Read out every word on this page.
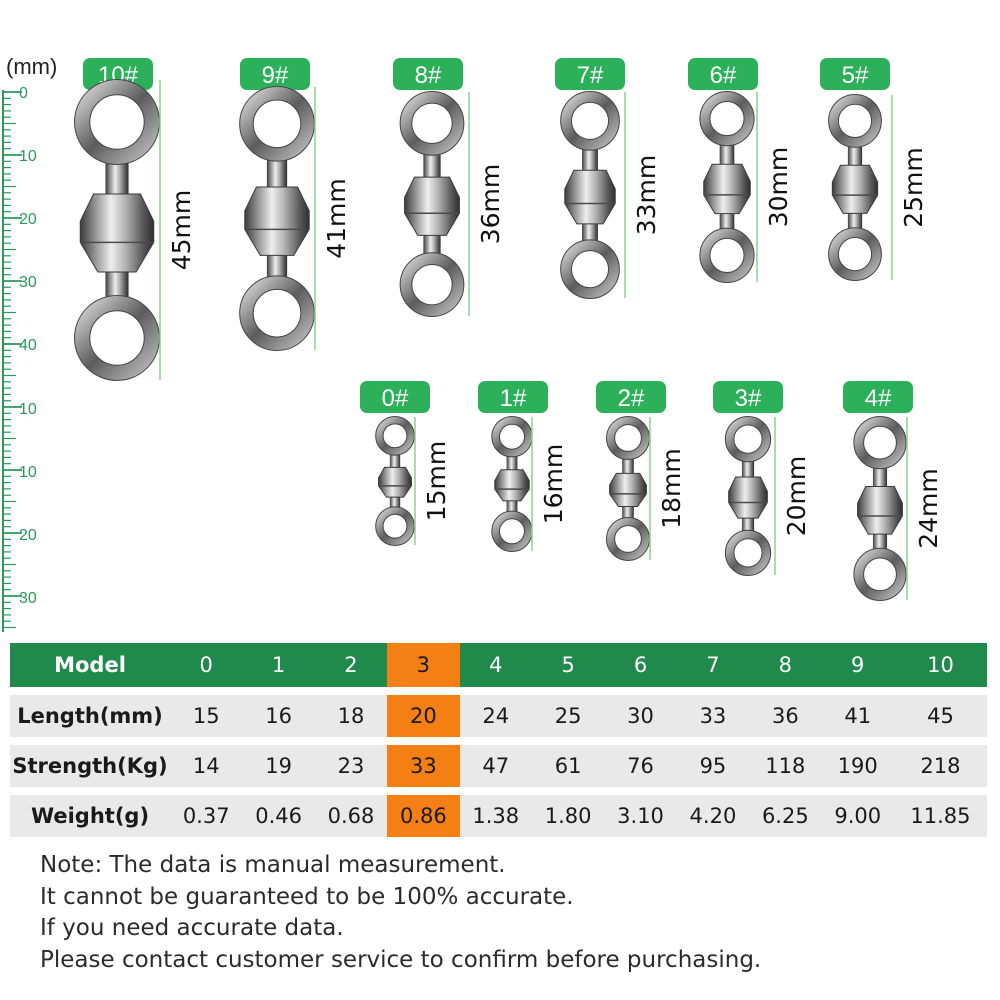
(mm)
0
10
20
30
40
10
10
20
30
10#
45mm
9#
41mm
8#
36mm
7#
33mm
6#
30mm
5#
25mm
0#
15mm
1#
16mm
2#
18mm
3#
20mm
4#
24mm
Model	0	1	2	3	4	5	6	7	8	9	10

Length(mm)	15	16	18	20	24	25	30	33	36	41	45

Strength(Kg)	14	19	23	33	47	61	76	95	118	190	218

Weight(g)	0.37	0.46	0.68	0.86	1.38	1.80	3.10	4.20	6.25	9.00	11.85
Note: The data is manual measurement.
It cannot be guaranteed to be 100% accurate.
If you need accurate data.
Please contact customer service to confirm before purchasing.
